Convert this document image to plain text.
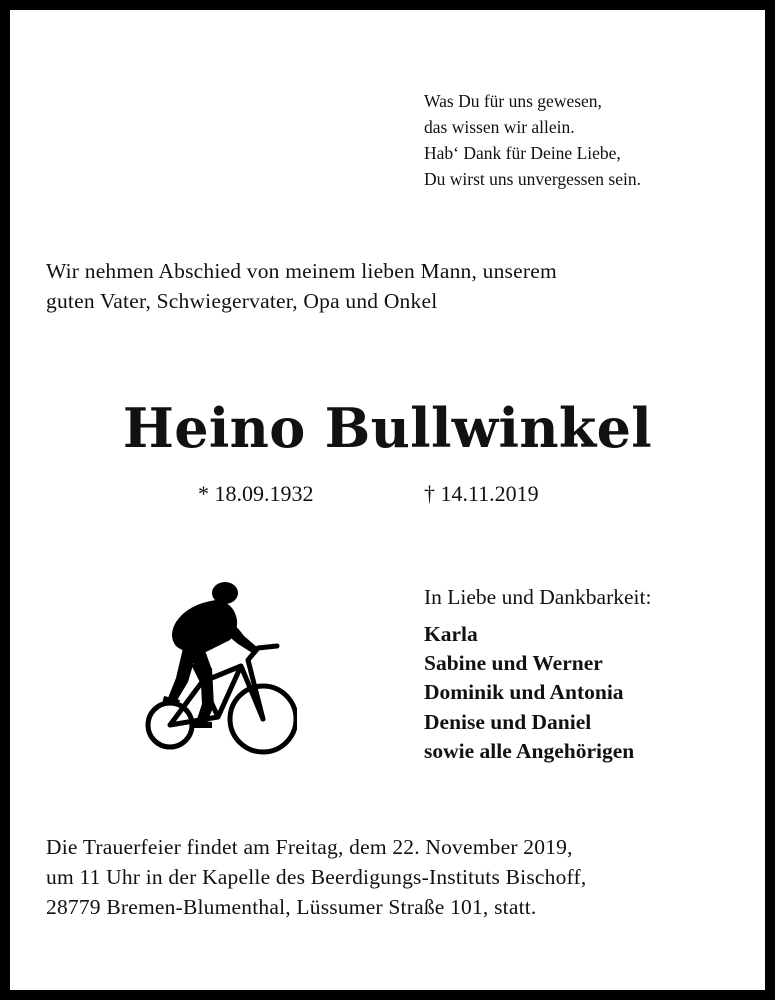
Was Du für uns gewesen,
das wissen wir allein.
Hab‘ Dank für Deine Liebe,
Du wirst uns unvergessen sein.
Wir nehmen Abschied von meinem lieben Mann, unserem
guten Vater, Schwiegervater, Opa und Onkel
Heino Bullwinkel
* 18.09.1932	† 14.11.2019
In Liebe und Dankbarkeit:
Karla
Sabine und Werner
Dominik und Antonia
Denise und Daniel
sowie alle Angehörigen
Die Trauerfeier findet am Freitag, dem 22. November 2019,
um 11 Uhr in der Kapelle des Beerdigungs-Instituts Bischoff,
28779 Bremen-Blumenthal, Lüssumer Straße 101, statt.
